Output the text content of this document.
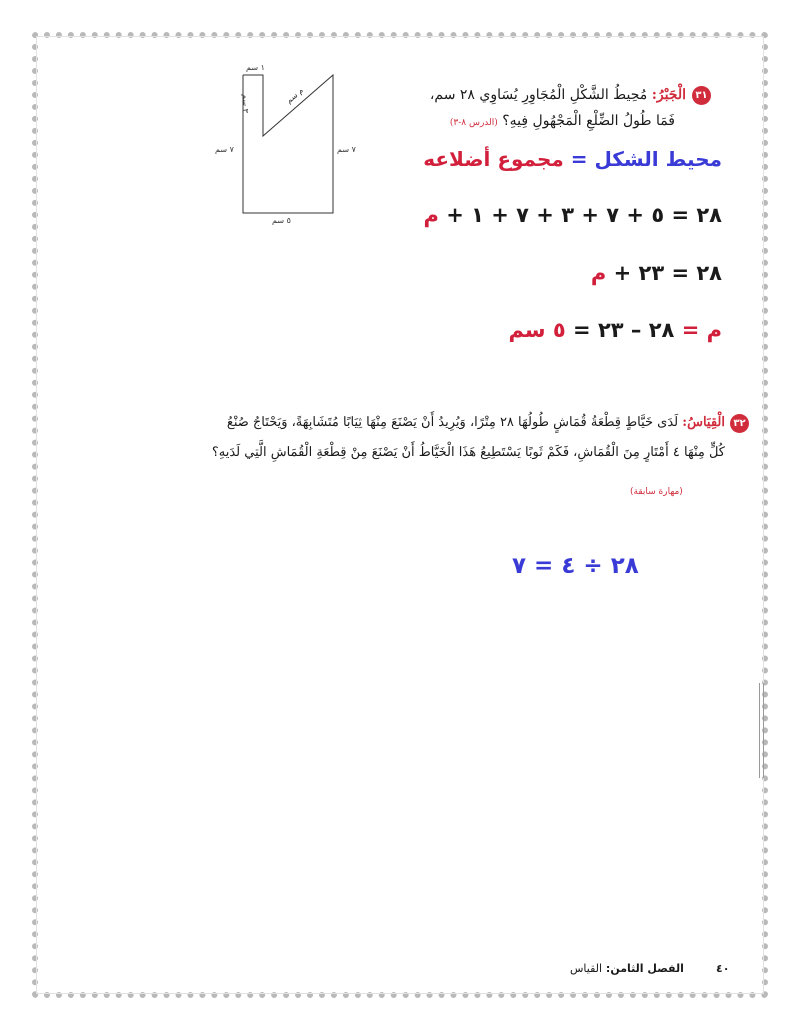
٣١
الْجَبْرُ: مُحِيطُ الشَّكْلِ الْمُجَاوِرِ يُسَاوِي ٢٨ سم،
فَمَا طُولُ الضِّلْعِ الْمَجْهُولِ فِيهِ؟ (الدرس ٨-٣)
١ سم
٧ سم	٧ سم
٥ سم
٣ سم
م سم
محيط الشكل = مجموع أضلاعه
٢٨ = ٥ + ٧ + ٣ + ٧ + ١ + م
٢٨ = ٢٣ + م
م = ٢٨ – ٢٣ = ٥ سم
٣٢
الْقِيَاسُ: لَدَى خَيَّاطٍ قِطْعَةُ قُمَاشٍ طُولُهَا ٢٨ مِتْرًا، وَيُرِيدُ أَنْ يَصْنَعَ مِنْهَا ثِيَابًا مُتَشَابِهَةً، وَيَحْتَاجُ صُنْعُ
كُلٍّ مِنْهَا ٤ أَمْتَارٍ مِنَ الْقُمَاشِ، فَكَمْ ثَوبًا يَسْتَطِيعُ هَذَا الْخَيَّاطُ أَنْ يَصْنَعَ مِنْ قِطْعَةِ الْقُمَاشِ الَّتِي لَدَيهِ؟
(مهارة سابقة)
٢٨ ÷ ٤ = ٧
٤٠
الفصل الثامن: القياس
